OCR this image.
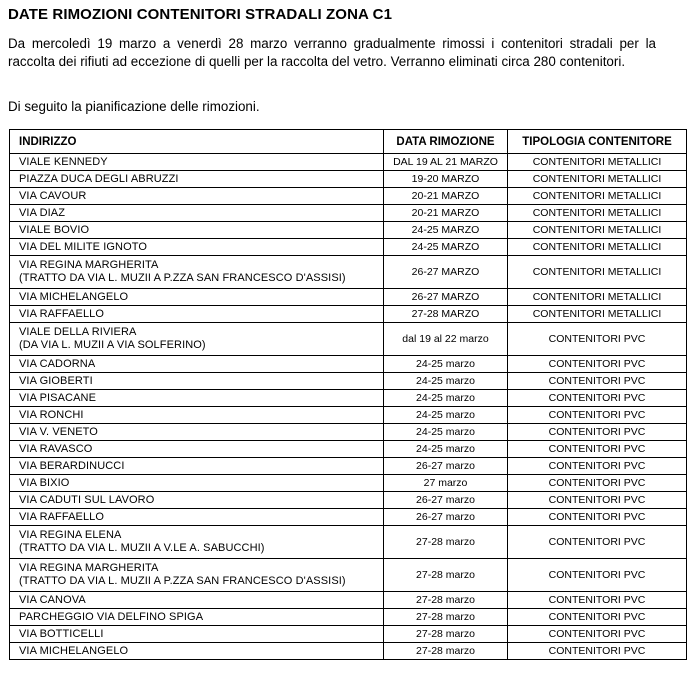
DATE RIMOZIONI CONTENITORI STRADALI ZONA C1
Da mercoledì 19 marzo a venerdì 28 marzo verranno gradualmente rimossi i contenitori stradali per la raccolta dei rifiuti ad eccezione di quelli per la raccolta del vetro. Verranno eliminati circa 280 contenitori.
Di seguito la pianificazione delle rimozioni.
INDIRIZZO	DATA RIMOZIONE	TIPOLOGIA CONTENITORE

VIALE KENNEDY	DAL 19 AL 21 MARZO	CONTENITORI METALLICI

PIAZZA DUCA DEGLI ABRUZZI	19-20 MARZO	CONTENITORI METALLICI

VIA CAVOUR	20-21 MARZO	CONTENITORI METALLICI

VIA DIAZ	20-21 MARZO	CONTENITORI METALLICI

VIALE BOVIO	24-25 MARZO	CONTENITORI METALLICI

VIA DEL MILITE IGNOTO	24-25 MARZO	CONTENITORI METALLICI

VIA REGINA MARGHERITA
(TRATTO DA VIA L. MUZII A P.ZZA SAN FRANCESCO D'ASSISI)	26-27 MARZO	CONTENITORI METALLICI

VIA MICHELANGELO	26-27 MARZO	CONTENITORI METALLICI

VIA RAFFAELLO	27-28 MARZO	CONTENITORI METALLICI

VIALE DELLA RIVIERA
(DA VIA L. MUZII A VIA SOLFERINO)	dal 19 al 22 marzo	CONTENITORI PVC

VIA CADORNA	24-25 marzo	CONTENITORI PVC

VIA GIOBERTI	24-25 marzo	CONTENITORI PVC

VIA PISACANE	24-25 marzo	CONTENITORI PVC

VIA RONCHI	24-25 marzo	CONTENITORI PVC

VIA V. VENETO	24-25 marzo	CONTENITORI PVC

VIA RAVASCO	24-25 marzo	CONTENITORI PVC

VIA BERARDINUCCI	26-27 marzo	CONTENITORI PVC

VIA BIXIO	27 marzo	CONTENITORI PVC

VIA CADUTI SUL LAVORO	26-27 marzo	CONTENITORI PVC

VIA RAFFAELLO	26-27 marzo	CONTENITORI PVC

VIA REGINA ELENA
(TRATTO DA VIA L. MUZII A V.LE A. SABUCCHI)	27-28 marzo	CONTENITORI PVC

VIA REGINA MARGHERITA
(TRATTO DA VIA L. MUZII A P.ZZA SAN FRANCESCO D'ASSISI)	27-28 marzo	CONTENITORI PVC

VIA CANOVA	27-28 marzo	CONTENITORI PVC

PARCHEGGIO VIA DELFINO SPIGA	27-28 marzo	CONTENITORI PVC

VIA BOTTICELLI	27-28 marzo	CONTENITORI PVC

VIA MICHELANGELO	27-28 marzo	CONTENITORI PVC
